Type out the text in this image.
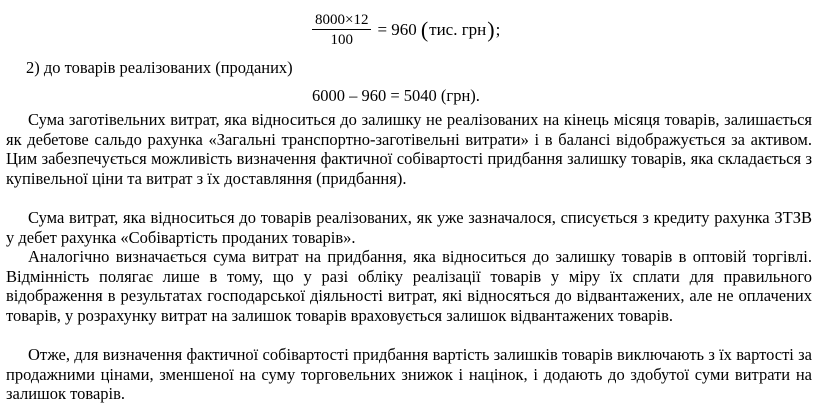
$\frac{8000\times 12}{100} = 960$ ( тис. грн ) ;
2) до товарів реалізованих (проданих)
6000 – 960 = 5040 (грн).

Сума заготівельних витрат, яка відноситься до залишку не реалізованих на кінець місяця товарів, залишається як дебетове сальдо рахунка «Загальні транспортно-заготівельні витрати» і в балансі відображується за активом. Цим забезпечується можливість визначення фактичної собівартості придбання залишку товарів, яка складається з купівельної ціни та витрат з їх доставляння (придбання).

Сума витрат, яка відноситься до товарів реалізованих, як уже зазначалося, списується з кредиту рахунка ЗТЗВ у дебет рахунка «Собівартість проданих товарів».

Аналогічно визначається сума витрат на придбання, яка відноситься до залишку товарів в оптовій торгівлі. Відмінність полягає лише в тому, що у разі обліку реалізації товарів у міру їх сплати для правильного відображення в результатах господарської діяльності витрат, які відносяться до відвантажених, але не оплачених товарів, у розрахунку витрат на залишок товарів враховується залишок відвантажених товарів.

Отже, для визначення фактичної собівартості придбання вартість залишків товарів виключають з їх вартості за продажними цінами, зменшеної на суму торговельних знижок і націнок, і додають до здобутої суми витрати на залишок товарів.
